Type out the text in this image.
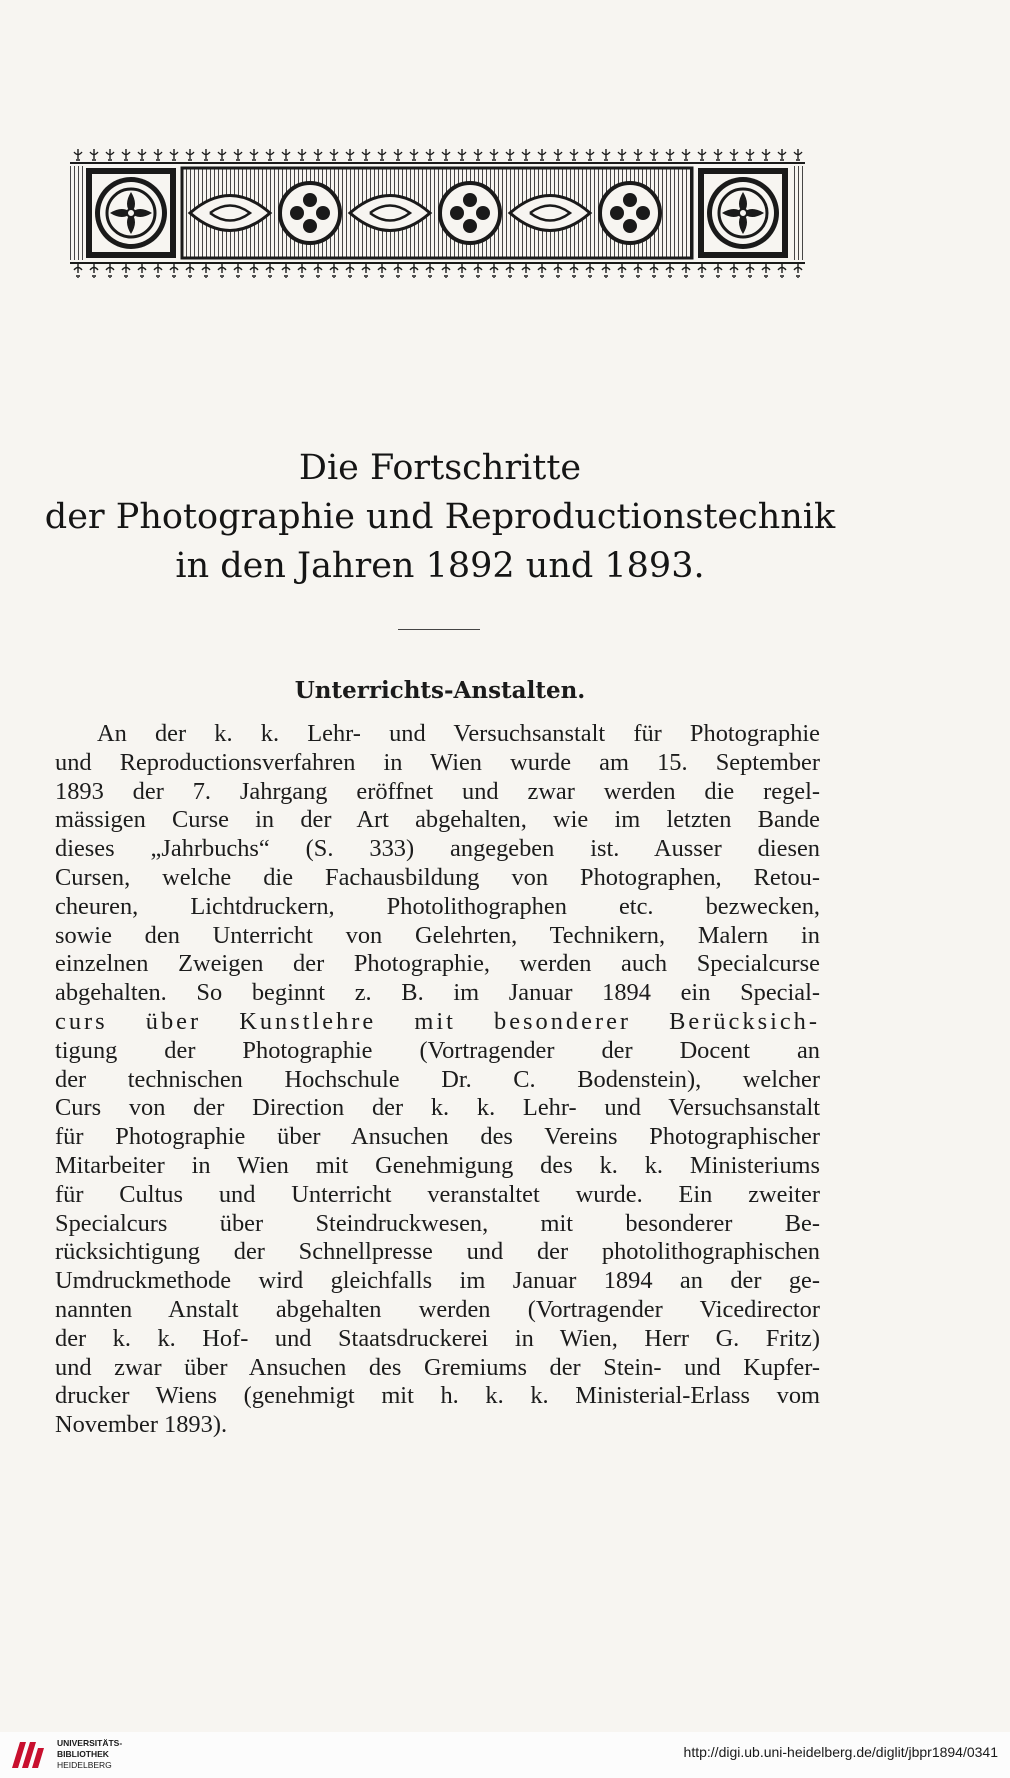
Die Fortschritte
der Photographie und Reproductionstechnik
in den Jahren 1892 und 1893.
Unterrichts-Anstalten.
An der k. k. Lehr- und Versuchsanstalt für Photographie
und Reproductionsverfahren in Wien wurde am 15. September
1893 der 7. Jahrgang eröffnet und zwar werden die regel-
mässigen Curse in der Art abgehalten, wie im letzten Bande
dieses „Jahrbuchs“ (S. 333) angegeben ist. Ausser diesen
Cursen, welche die Fachausbildung von Photographen, Retou-
cheuren, Lichtdruckern, Photolithographen etc. bezwecken,
sowie den Unterricht von Gelehrten, Technikern, Malern in
einzelnen Zweigen der Photographie, werden auch Specialcurse
abgehalten. So beginnt z. B. im Januar 1894 ein Special-
curs über Kunstlehre mit besonderer Berücksich-
tigung der Photographie (Vortragender der Docent an
der technischen Hochschule Dr. C. Bodenstein), welcher
Curs von der Direction der k. k. Lehr- und Versuchsanstalt
für Photographie über Ansuchen des Vereins Photographischer
Mitarbeiter in Wien mit Genehmigung des k. k. Ministeriums
für Cultus und Unterricht veranstaltet wurde. Ein zweiter
Specialcurs über Steindruckwesen, mit besonderer Be-
rücksichtigung der Schnellpresse und der photolithographischen
Umdruckmethode wird gleichfalls im Januar 1894 an der ge-
nannten Anstalt abgehalten werden (Vortragender Vicedirector
der k. k. Hof- und Staatsdruckerei in Wien, Herr G. Fritz)
und zwar über Ansuchen des Gremiums der Stein- und Kupfer-
drucker Wiens (genehmigt mit h. k. k. Ministerial-Erlass vom
November 1893).
UNIVERSITÄTS-
BIBLIOTHEK
HEIDELBERG
http://digi.ub.uni-heidelberg.de/diglit/jbpr1894/0341
